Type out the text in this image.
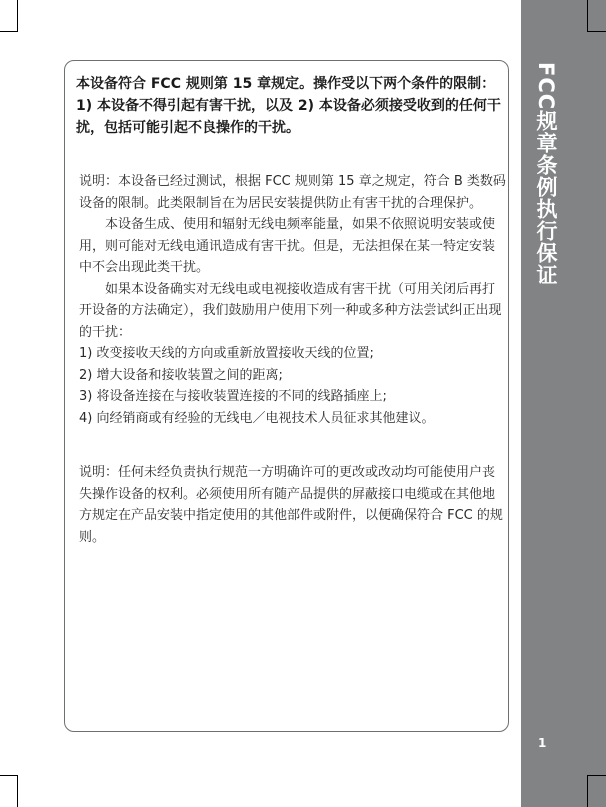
FCC规章条例执行保证
1
本设备符合 FCC 规则第 15 章规定。操作受以下两个条件的限制：1) 本设备不得引起有害干扰，以及 2) 本设备必须接受收到的任何干扰，包括可能引起不良操作的干扰。

说明：本设备已经过测试，根据 FCC 规则第 15 章之规定，符合 B 类数码设备的限制。此类限制旨在为居民安装提供防止有害干扰的合理保护。

本设备生成、使用和辐射无线电频率能量，如果不依照说明安装或使用，则可能对无线电通讯造成有害干扰。但是，无法担保在某一特定安装中不会出现此类干扰。

如果本设备确实对无线电或电视接收造成有害干扰（可用关闭后再打开设备的方法确定），我们鼓励用户使用下列一种或多种方法尝试纠正出现的干扰：

1) 改变接收天线的方向或重新放置接收天线的位置;

2) 增大设备和接收装置之间的距离;

3) 将设备连接在与接收装置连接的不同的线路插座上;

4) 向经销商或有经验的无线电／电视技术人员征求其他建议。

说明：任何未经负责执行规范一方明确许可的更改或改动均可能使用户丧失操作设备的权利。必须使用所有随产品提供的屏蔽接口电缆或在其他地方规定在产品安装中指定使用的其他部件或附件，以便确保符合 FCC 的规则。
